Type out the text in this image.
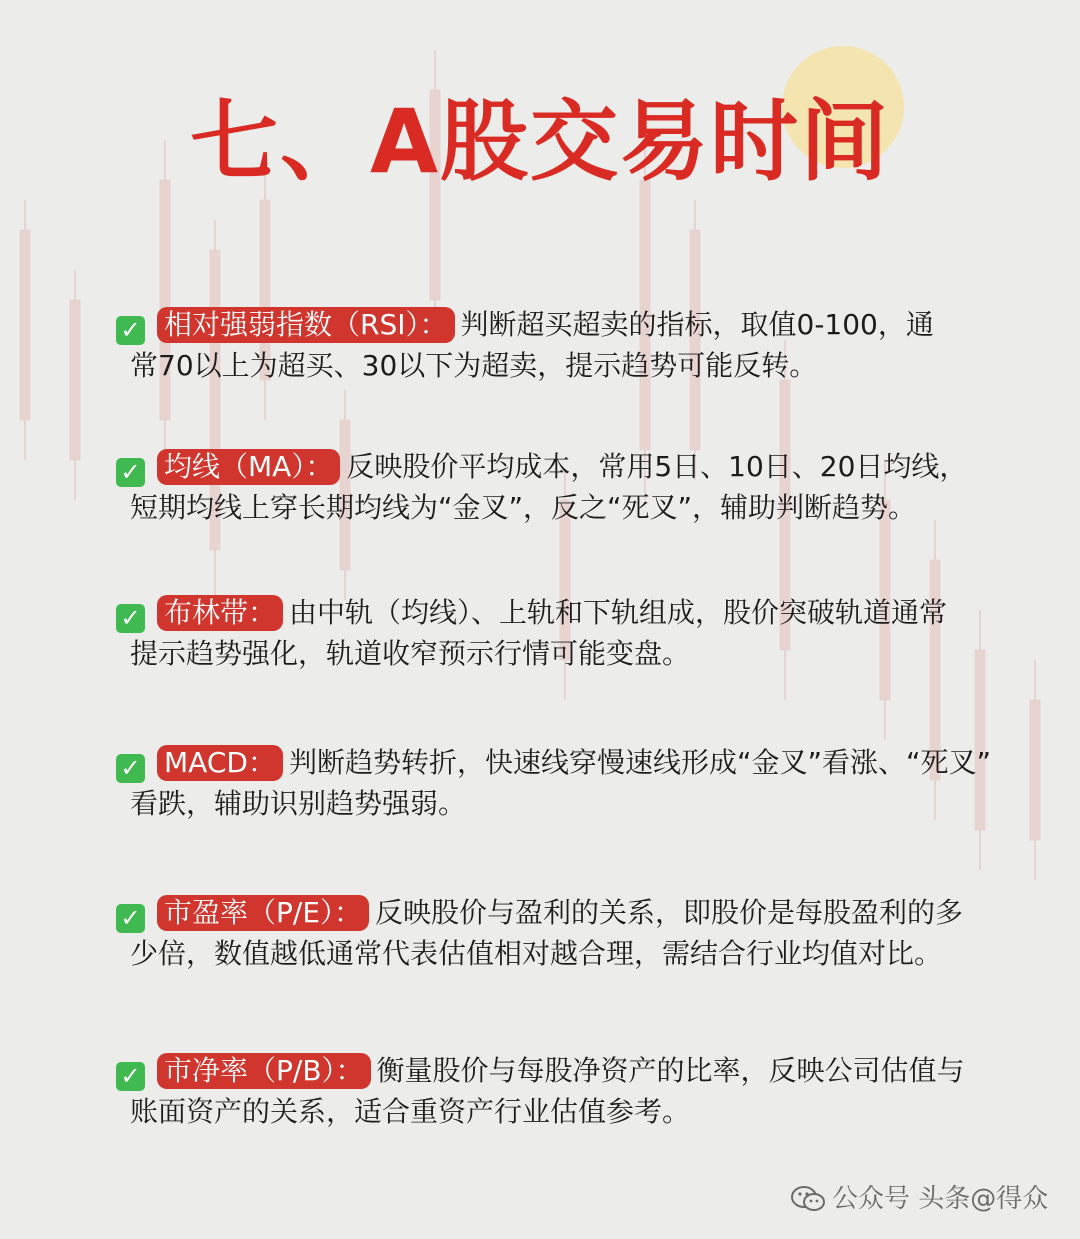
七、A股交易时间
✓ 相对强弱指数（RSI）： 判断超买超卖的指标，取值0-100，通
常70以上为超买、30以下为超卖，提示趋势可能反转。
✓ 均线（MA）： 反映股价平均成本，常用5日、10日、20日均线，
短期均线上穿长期均线为“金叉”，反之“死叉”，辅助判断趋势。
✓ 布林带： 由中轨（均线）、上轨和下轨组成，股价突破轨道通常
提示趋势强化，轨道收窄预示行情可能变盘。
✓ MACD： 判断趋势转折，快速线穿慢速线形成“金叉”看涨、“死叉”
看跌，辅助识别趋势强弱。
✓ 市盈率（P/E）： 反映股价与盈利的关系，即股价是每股盈利的多
少倍，数值越低通常代表估值相对越合理，需结合行业均值对比。
✓ 市净率（P/B）： 衡量股价与每股净资产的比率，反映公司估值与
账面资产的关系，适合重资产行业估值参考。
公众号 头条@得众
